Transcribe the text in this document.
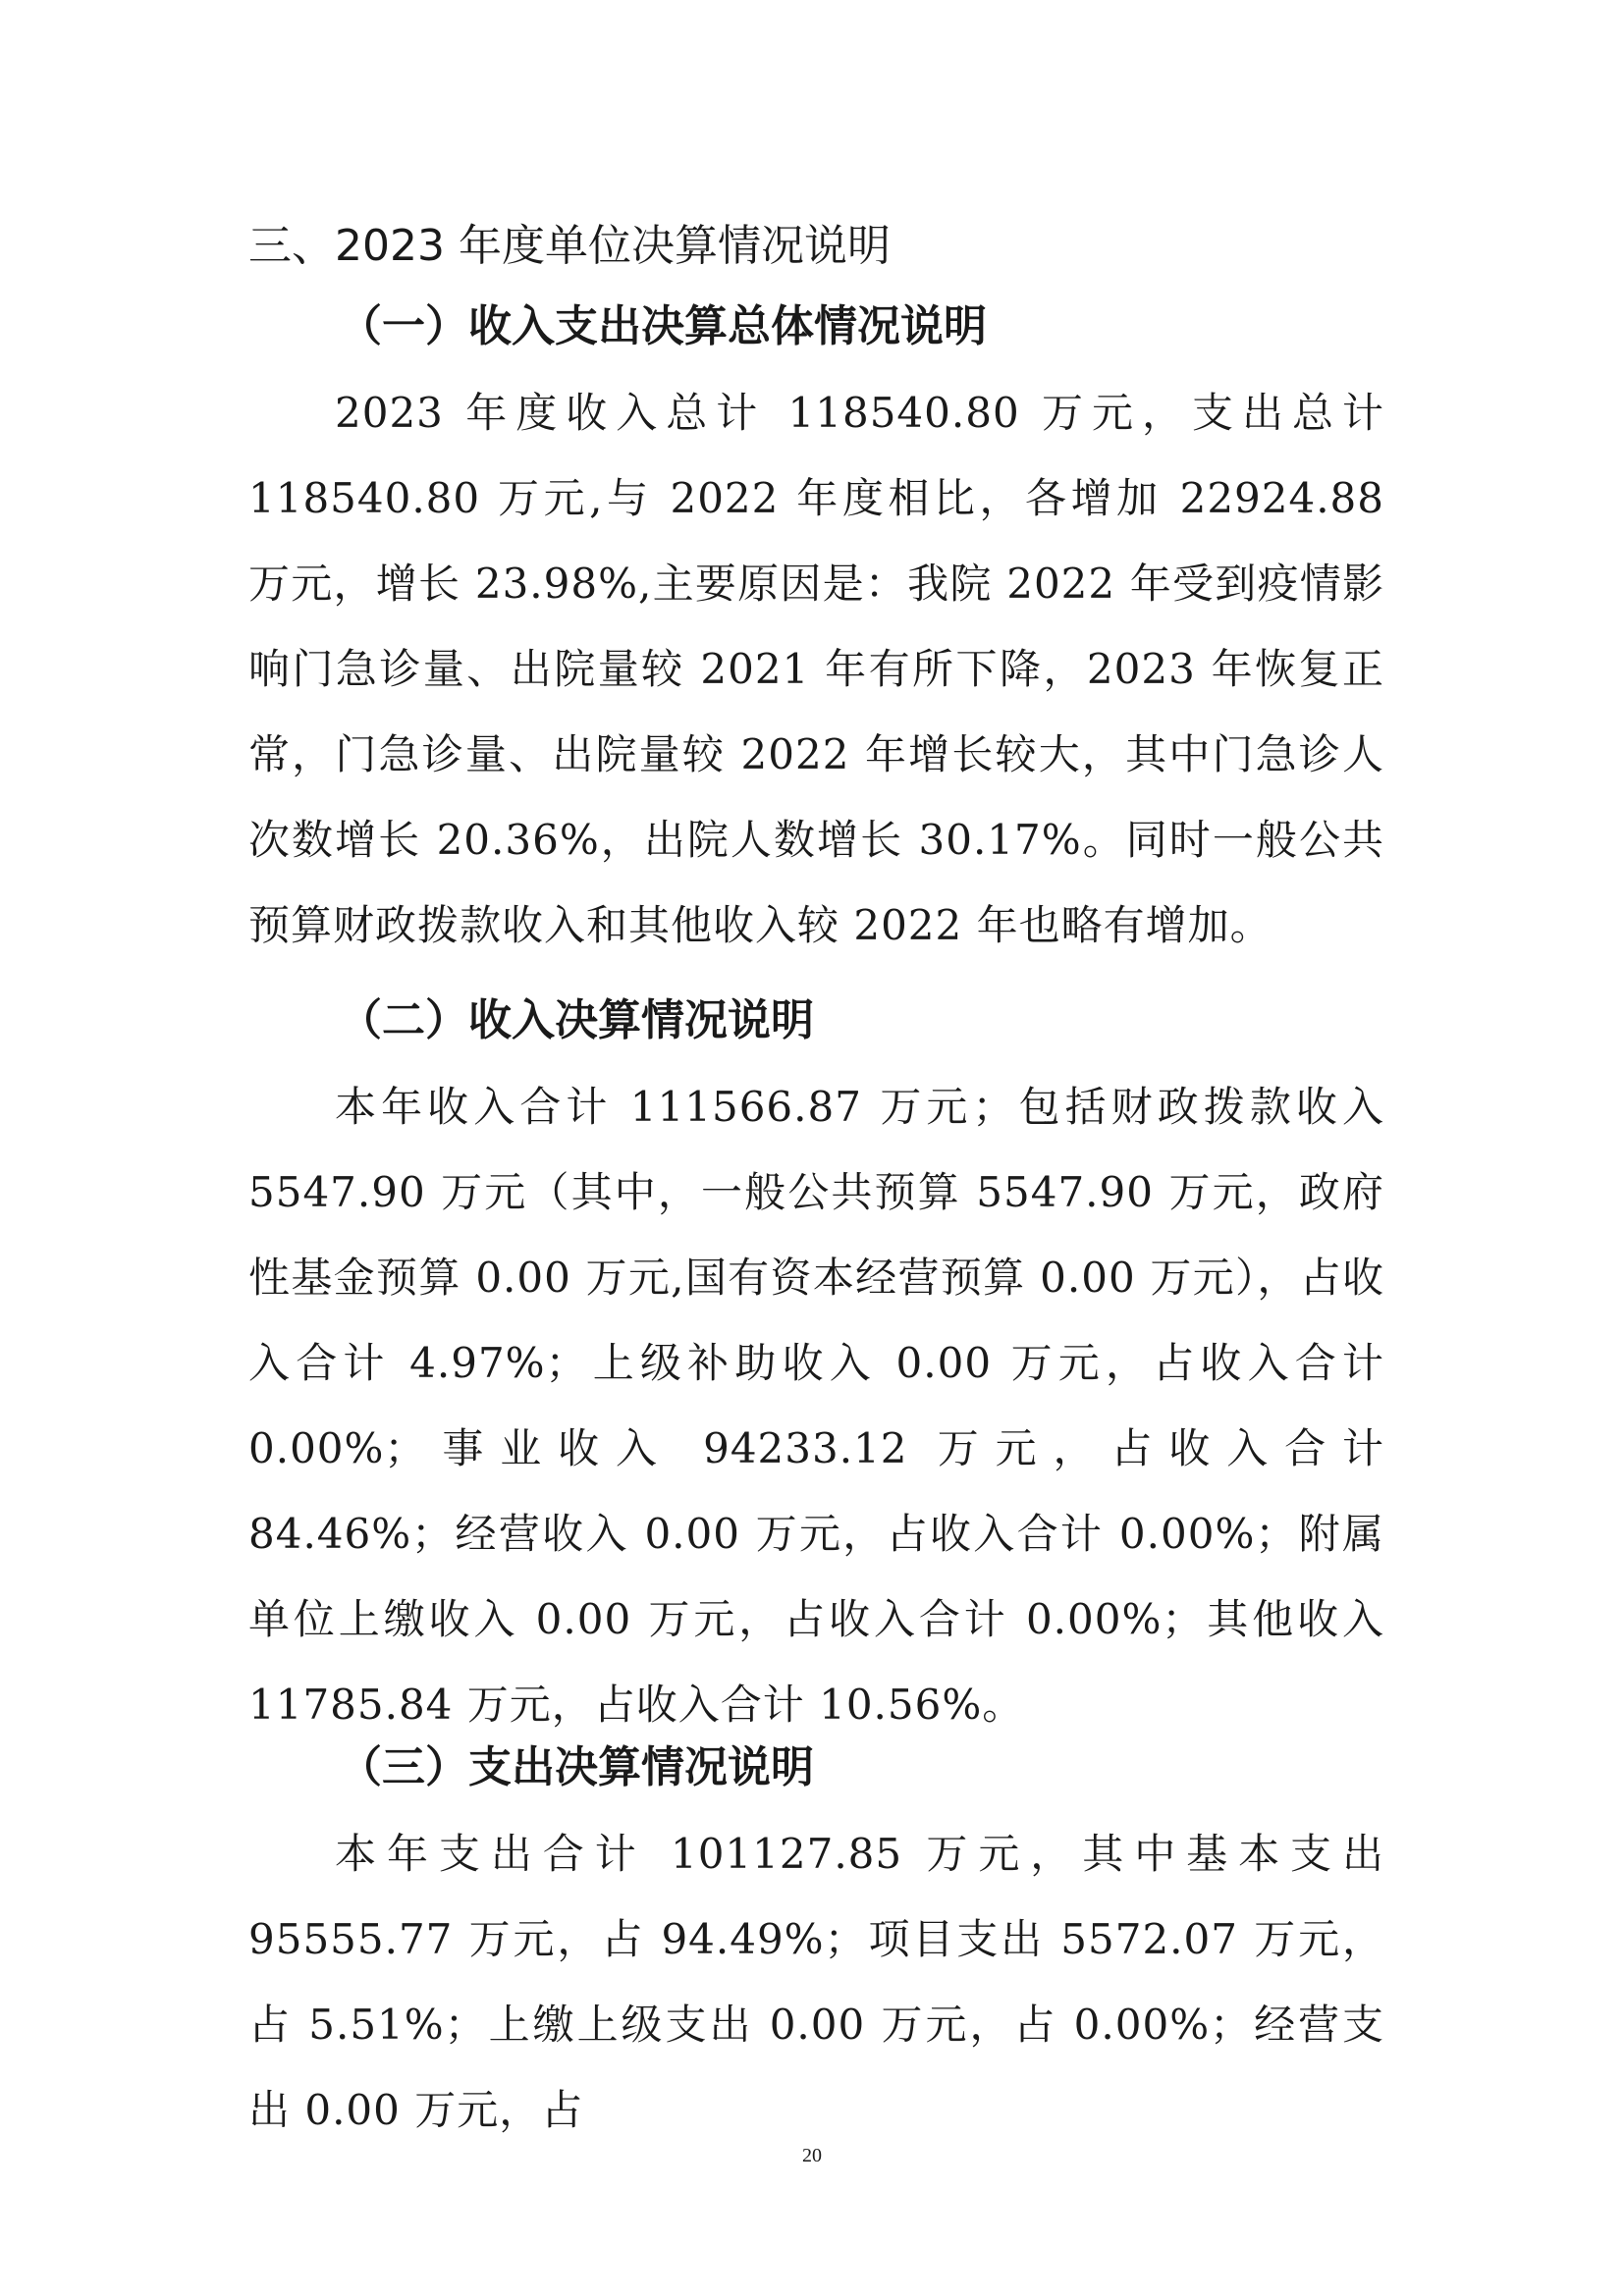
三、2023 年度单位决算情况说明
（一）收入支出决算总体情况说明

2023 年度收入总计 118540.80 万元，支出总计 118540.80 万元,与 2022 年度相比，各增加 22924.88 万元，增长 23.98%,主要原因是：我院 2022 年受到疫情影响门急诊量、出院量较 2021 年有所下降，2023 年恢复正常，门急诊量、出院量较 2022 年增长较大，其中门急诊人次数增长 20.36%，出院人数增长 30.17%。同时一般公共预算财政拨款收入和其他收入较 2022 年也略有增加。

（二）收入决算情况说明

本年收入合计 111566.87 万元；包括财政拨款收入 5547.90 万元（其中，一般公共预算 5547.90 万元，政府性基金预算 0.00 万元,国有资本经营预算 0.00 万元），占收入合计 4.97%；上级补助收入 0.00 万元，占收入合计 0.00%；事业收入 94233.12 万元，占收入合计 84.46%；经营收入 0.00 万元，占收入合计 0.00%；附属单位上缴收入 0.00 万元，占收入合计 0.00%；其他收入 11785.84 万元，占收入合计 10.56%。

（三）支出决算情况说明

本年支出合计 101127.85 万元，其中基本支出 95555.77 万元，占 94.49%；项目支出 5572.07 万元，占 5.51%；上缴上级支出 0.00 万元，占 0.00%；经营支出 0.00 万元，占

20
